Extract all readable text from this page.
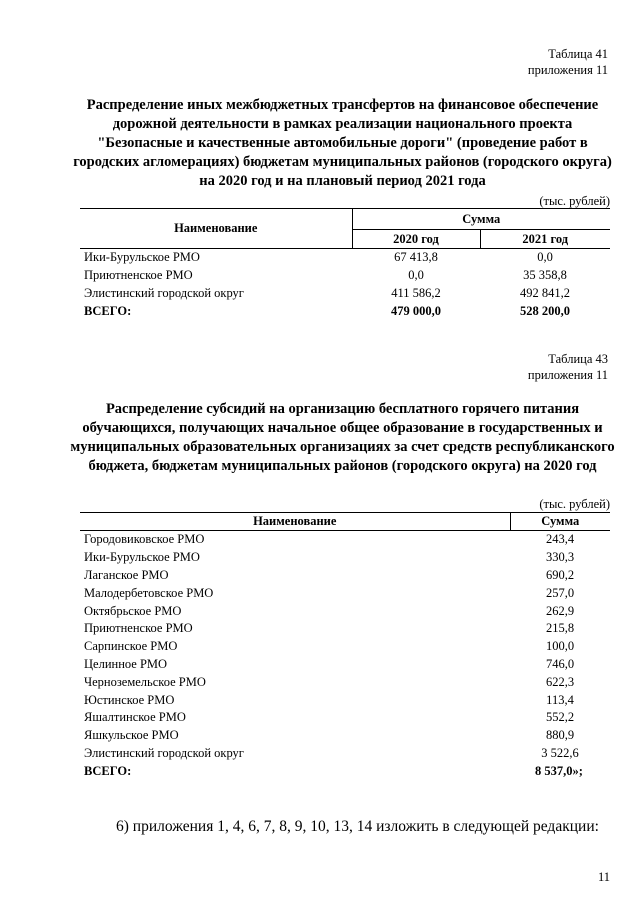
Таблица 41
приложения 11
Распределение иных межбюджетных трансфертов на финансовое обеспечение дорожной деятельности в рамках реализации национального проекта "Безопасные и качественные автомобильные дороги" (проведение работ в городских агломерациях) бюджетам муниципальных районов (городского округа) на 2020 год и на плановый период 2021 года
(тыс. рублей)
Наименование	Сумма	
	2020 год	2021 год
Ики-Бурульское РМО	67 413,8	0,0
Приютненское РМО	0,0	35 358,8
Элистинский городской округ	411 586,2	492 841,2
ВСЕГО:	479 000,0	528 200,0
Таблица 43
приложения 11
Распределение субсидий на организацию бесплатного горячего питания обучающихся, получающих начальное общее образование в государственных и муниципальных образовательных организациях за счет средств республиканского бюджета, бюджетам муниципальных районов (городского округа) на 2020 год
(тыс. рублей)
Наименование	Сумма
Городовиковское РМО	243,4
Ики-Бурульское РМО	330,3
Лаганское РМО	690,2
Малодербетовское РМО	257,0
Октябрьское РМО	262,9
Приютненское РМО	215,8
Сарпинское РМО	100,0
Целинное РМО	746,0
Черноземельское РМО	622,3
Юстинское РМО	113,4
Яшалтинское РМО	552,2
Яшкульское РМО	880,9
Элистинский городской округ	3 522,6
ВСЕГО:	8 537,0»;
6) приложения 1, 4, 6, 7, 8, 9, 10, 13, 14 изложить в следующей редакции:
11
